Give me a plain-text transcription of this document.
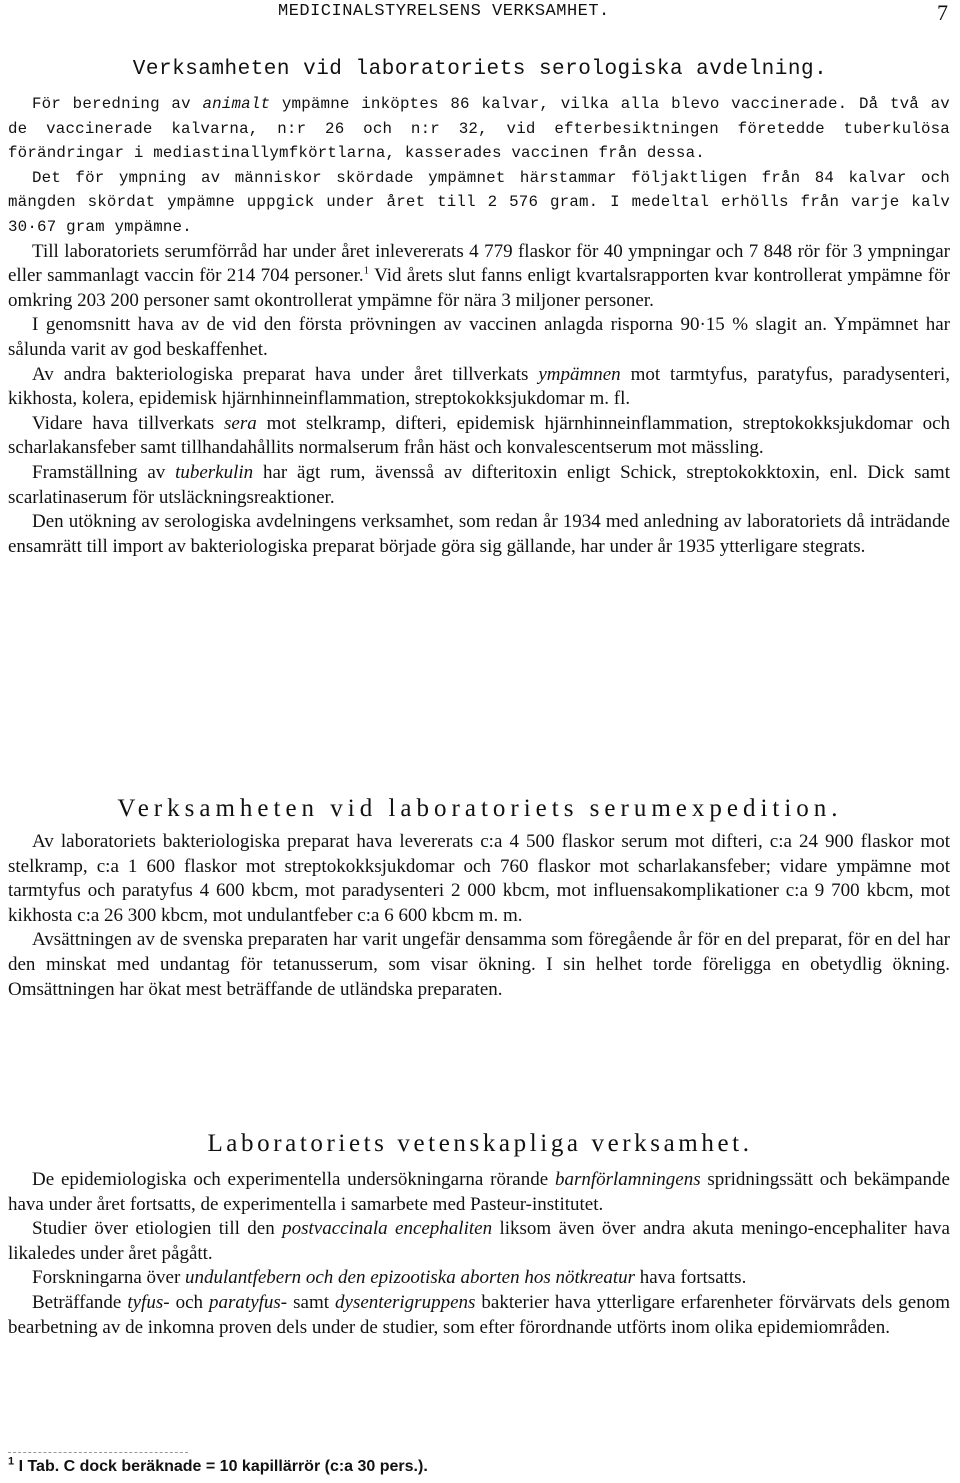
MEDICINALSTYRELSENS VERKSAMHET.	7
Verksamheten vid laboratoriets serologiska avdelning.

För beredning av animalt ympämne inköptes 86 kalvar, vilka alla blevo vaccinerade. Då två av de vaccinerade kalvarna, n:r 26 och n:r 32, vid efterbesiktningen företedde tuberkulösa förändringar i mediastinallymfkörtlarna, kasserades vaccinen från dessa.

Det för ympning av människor skördade ympämnet härstammar följaktligen från 84 kalvar och mängden skördat ympämne uppgick under året till 2 576 gram. I medeltal erhölls från varje kalv 30·67 gram ympämne.

Till laboratoriets serumförråd har under året inlevererats 4 779 flaskor för 40 ympningar och 7 848 rör för 3 ympningar eller sammanlagt vaccin för 214 704 personer.$^1$ Vid årets slut fanns enligt kvartalsrapporten kvar kontrollerat ympämne för omkring 203 200 personer samt okontrollerat ympämne för nära 3 miljoner personer.

I genomsnitt hava av de vid den första prövningen av vaccinen anlagda risporna 90·15 % slagit an. Ympämnet har sålunda varit av god beskaffenhet.

Av andra bakteriologiska preparat hava under året tillverkats ympämnen mot tarmtyfus, paratyfus, paradysenteri, kikhosta, kolera, epidemisk hjärnhinneinflammation, streptokokksjukdomar m. fl.

Vidare hava tillverkats sera mot stelkramp, difteri, epidemisk hjärnhinneinflammation, streptokokksjukdomar och scharlakansfeber samt tillhandahållits normalserum från häst och konvalescentserum mot mässling.

Framställning av tuberkulin har ägt rum, ävensså av difteritoxin enligt Schick, streptokokktoxin, enl. Dick samt scarlatinaserum för utsläckningsreaktioner.

Den utökning av serologiska avdelningens verksamhet, som redan år 1934 med anledning av laboratoriets då inträdande ensamrätt till import av bakteriologiska preparat började göra sig gällande, har under år 1935 ytterligare stegrats.

Verksamheten vid laboratoriets serumexpedition.

Av laboratoriets bakteriologiska preparat hava levererats c:a 4 500 flaskor serum mot difteri, c:a 24 900 flaskor mot stelkramp, c:a 1 600 flaskor mot streptokokksjukdomar och 760 flaskor mot scharlakansfeber; vidare ympämne mot tarmtyfus och paratyfus 4 600 kbcm, mot paradysenteri 2 000 kbcm, mot influensakomplikationer c:a 9 700 kbcm, mot kikhosta c:a 26 300 kbcm, mot undulantfeber c:a 6 600 kbcm m. m.

Avsättningen av de svenska preparaten har varit ungefär densamma som föregående år för en del preparat, för en del har den minskat med undantag för tetanusserum, som visar ökning. I sin helhet torde föreligga en obetydlig ökning. Omsättningen har ökat mest beträffande de utländska preparaten.

Laboratoriets vetenskapliga verksamhet.

De epidemiologiska och experimentella undersökningarna rörande barnförlamningens spridningssätt och bekämpande hava under året fortsatts, de experimentella i samarbete med Pasteur-institutet.

Studier över etiologien till den postvaccinala encephaliten liksom även över andra akuta meningo-encephaliter hava likaledes under året pågått.

Forskningarna över undulantfebern och den epizootiska aborten hos nötkreatur hava fortsatts.

Beträffande tyfus- och paratyfus- samt dysenterigruppens bakterier hava ytterligare erfarenheter förvärvats dels genom bearbetning av de inkomna proven dels under de studier, som efter förordnande utförts inom olika epidemiområden.

$^1$ I Tab. C dock beräknade = 10 kapillärrör (c:a 30 pers.).
